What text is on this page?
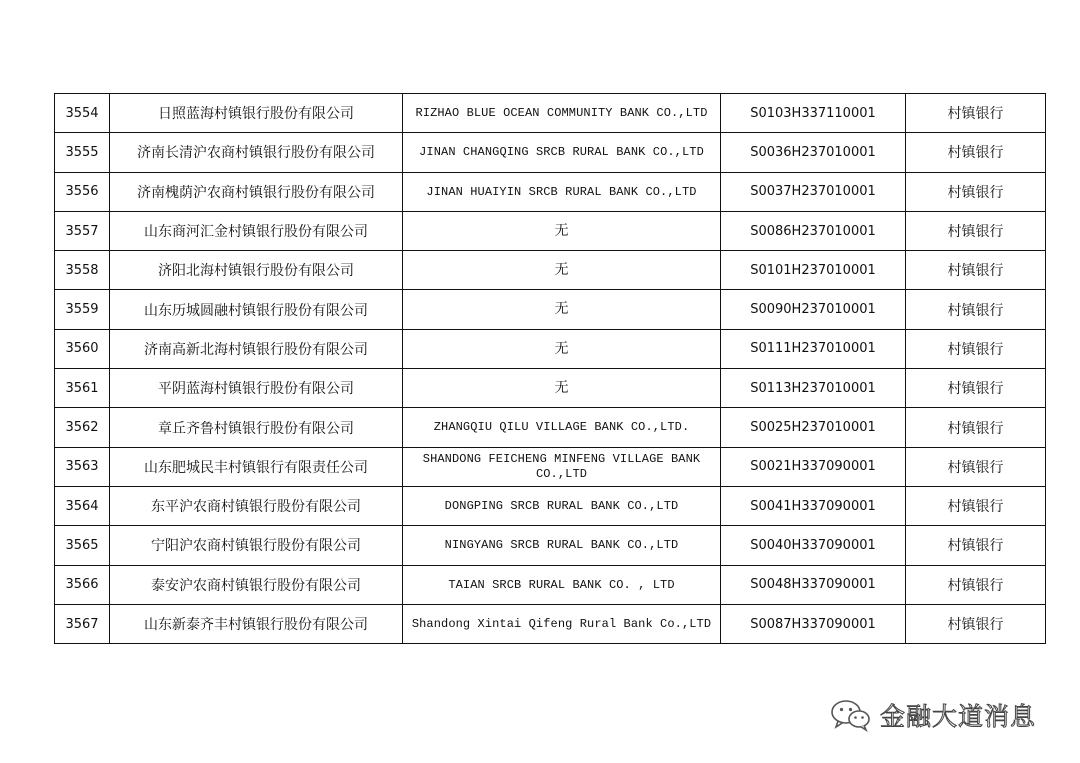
3554	日照蓝海村镇银行股份有限公司	RIZHAO BLUE OCEAN COMMUNITY BANK CO.,LTD	S0103H337110001	村镇银行
3555	济南长清沪农商村镇银行股份有限公司	JINAN CHANGQING SRCB RURAL BANK CO.,LTD	S0036H237010001	村镇银行
3556	济南槐荫沪农商村镇银行股份有限公司	JINAN HUAIYIN SRCB RURAL BANK CO.,LTD	S0037H237010001	村镇银行
3557	山东商河汇金村镇银行股份有限公司	无	S0086H237010001	村镇银行
3558	济阳北海村镇银行股份有限公司	无	S0101H237010001	村镇银行
3559	山东历城圆融村镇银行股份有限公司	无	S0090H237010001	村镇银行
3560	济南高新北海村镇银行股份有限公司	无	S0111H237010001	村镇银行
3561	平阴蓝海村镇银行股份有限公司	无	S0113H237010001	村镇银行
3562	章丘齐鲁村镇银行股份有限公司	ZHANGQIU QILU VILLAGE BANK CO.,LTD.	S0025H237010001	村镇银行
3563	山东肥城民丰村镇银行有限责任公司	SHANDONG FEICHENG MINFENG VILLAGE BANK CO.,LTD	S0021H337090001	村镇银行
3564	东平沪农商村镇银行股份有限公司	DONGPING SRCB RURAL BANK CO.,LTD	S0041H337090001	村镇银行
3565	宁阳沪农商村镇银行股份有限公司	NINGYANG SRCB RURAL BANK CO.,LTD	S0040H337090001	村镇银行
3566	泰安沪农商村镇银行股份有限公司	TAIAN SRCB RURAL BANK CO. , LTD	S0048H337090001	村镇银行
3567	山东新泰齐丰村镇银行股份有限公司	Shandong Xintai Qifeng Rural Bank Co.,LTD	S0087H337090001	村镇银行
金融大道消息
